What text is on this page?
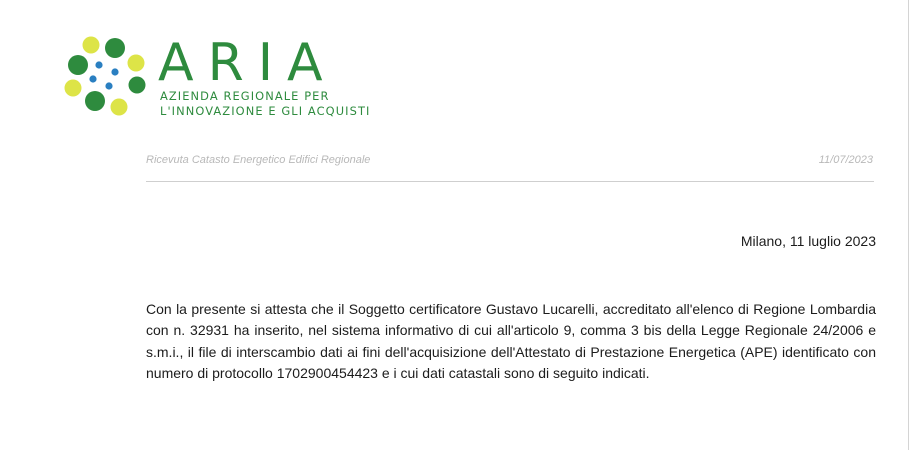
ARIA
AZIENDA REGIONALE PER
L'INNOVAZIONE E GLI ACQUISTI
Ricevuta Catasto Energetico Edifici Regionale	11/07/2023
Milano, 11 luglio 2023
Con la presente si attesta che il Soggetto certificatore Gustavo Lucarelli, accreditato all'elenco di Regione Lombardia con n. 32931 ha inserito, nel sistema informativo di cui all'articolo 9, comma 3 bis della Legge Regionale 24/2006 e s.m.i., il file di interscambio dati ai fini dell'acquisizione dell'Attestato di Prestazione Energetica (APE) identificato con numero di protocollo 1702900454423 e i cui dati catastali sono di seguito indicati.
